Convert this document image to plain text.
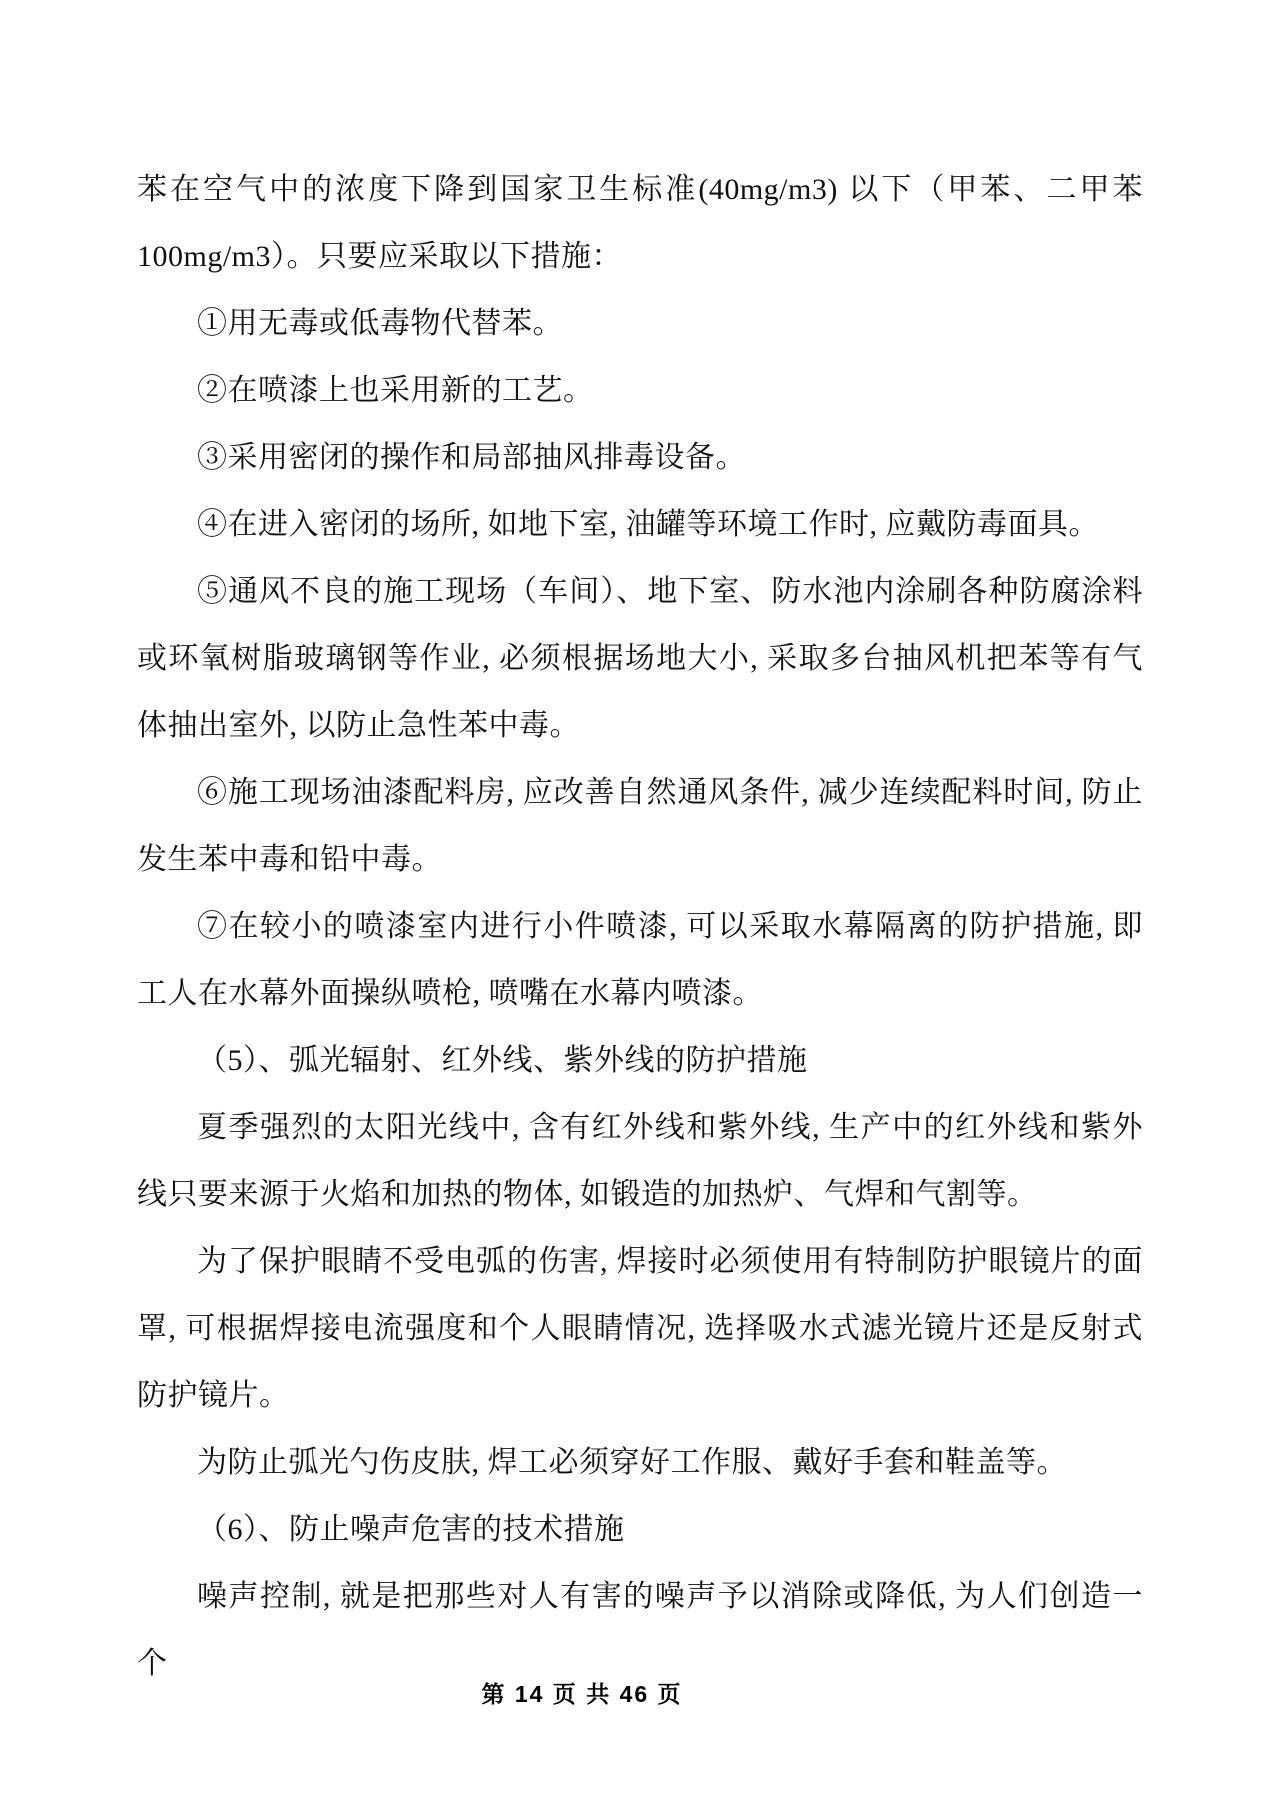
苯在空气中的浓度下降到国家卫生标准(40mg/m3) 以下（甲苯、二甲苯100mg/m3）。只要应采取以下措施：

①用无毒或低毒物代替苯。

②在喷漆上也采用新的工艺。

③采用密闭的操作和局部抽风排毒设备。

④在进入密闭的场所, 如地下室, 油罐等环境工作时, 应戴防毒面具。

⑤通风不良的施工现场（车间）、地下室、防水池内涂刷各种防腐涂料或环氧树脂玻璃钢等作业, 必须根据场地大小, 采取多台抽风机把苯等有气体抽出室外, 以防止急性苯中毒。

⑥施工现场油漆配料房, 应改善自然通风条件, 减少连续配料时间, 防止发生苯中毒和铅中毒。

⑦在较小的喷漆室内进行小件喷漆, 可以采取水幕隔离的防护措施, 即工人在水幕外面操纵喷枪, 喷嘴在水幕内喷漆。

（5）、弧光辐射、红外线、紫外线的防护措施

夏季强烈的太阳光线中, 含有红外线和紫外线, 生产中的红外线和紫外线只要来源于火焰和加热的物体, 如锻造的加热炉、气焊和气割等。

为了保护眼睛不受电弧的伤害, 焊接时必须使用有特制防护眼镜片的面罩, 可根据焊接电流强度和个人眼睛情况, 选择吸水式滤光镜片还是反射式防护镜片。

为防止弧光勺伤皮肤, 焊工必须穿好工作服、戴好手套和鞋盖等。

（6）、防止噪声危害的技术措施

噪声控制, 就是把那些对人有害的噪声予以消除或降低, 为人们创造一个

第 14 页 共 46 页
